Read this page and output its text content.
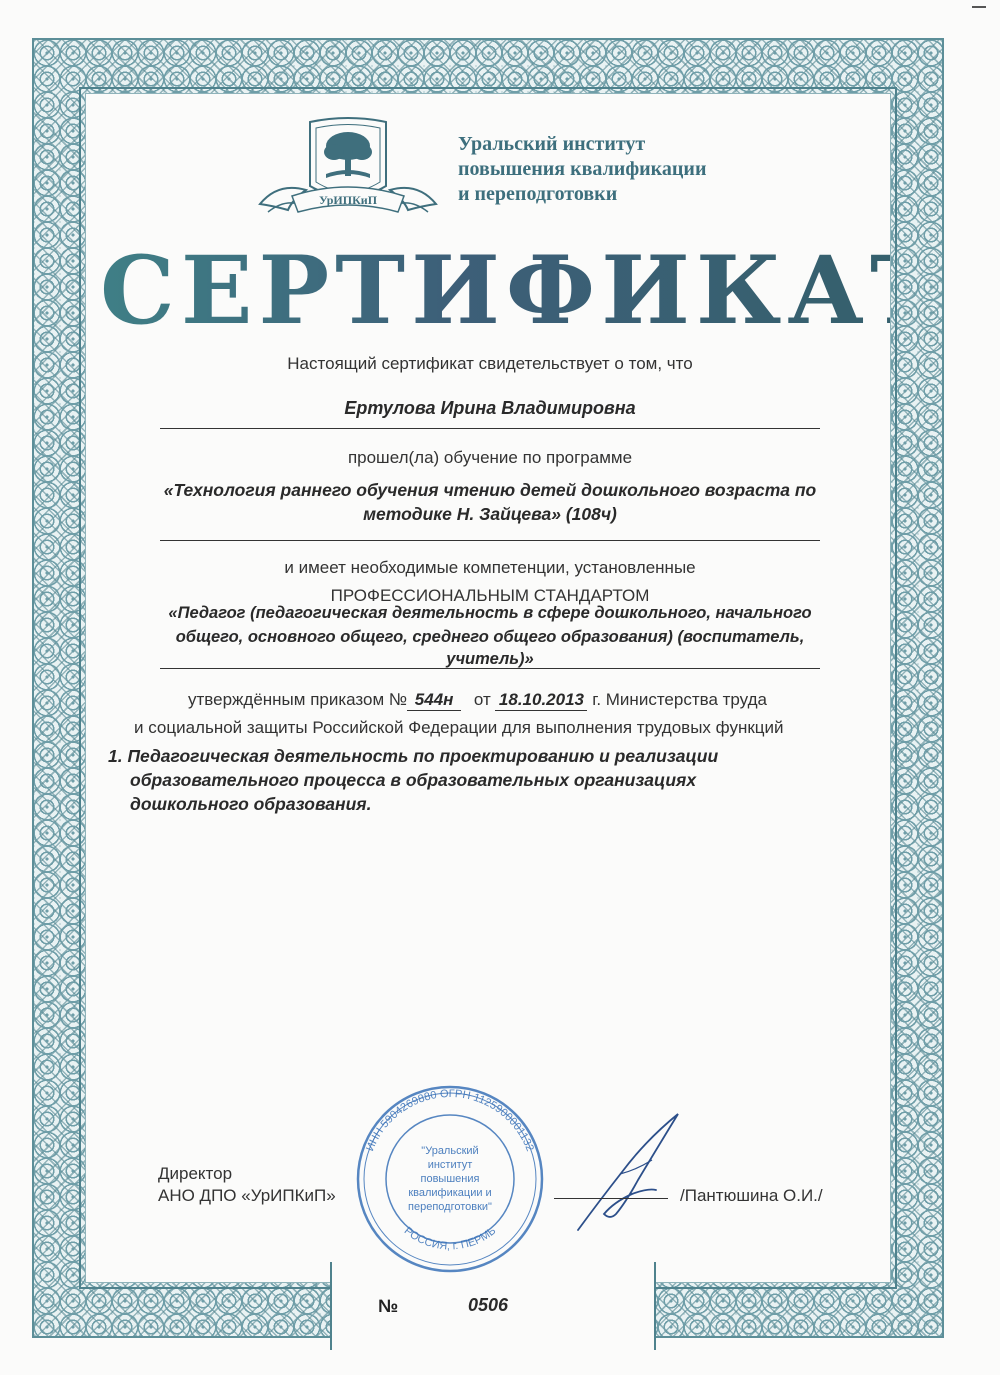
УрИПКиП
Уральский институт
повышения квалификации
и переподготовки
СЕРТИФИКАТ
Настоящий сертификат свидетельствует о том, что
Ертулова Ирина Владимировна
прошел(ла) обучение по программе
«Технология раннего обучения чтению детей дошкольного возраста по
методике Н. Зайцева» (108ч)
и имеет необходимые компетенции, установленные
ПРОФЕССИОНАЛЬНЫМ СТАНДАРТОМ
«Педагог (педагогическая деятельность в сфере дошкольного, начального
общего, основного общего, среднего общего образования) (воспитатель,
учитель)»
утверждённым приказом № 544н от 18.10.2013 г. Министерства труда
и социальной защиты Российской Федерации для выполнения трудовых функций
1. Педагогическая деятельность по проектированию и реализации
образовательного процесса в образовательных организациях
дошкольного образования.
ИНН 5904269880 ОГРН 1125900001132
РОССИЯ, г. ПЕРМЬ
"Уральский
институт
повышения
квалификации и
переподготовки"
Директор
АНО ДПО «УрИПКиП»	/Пантюшина О.И./
№	0506
